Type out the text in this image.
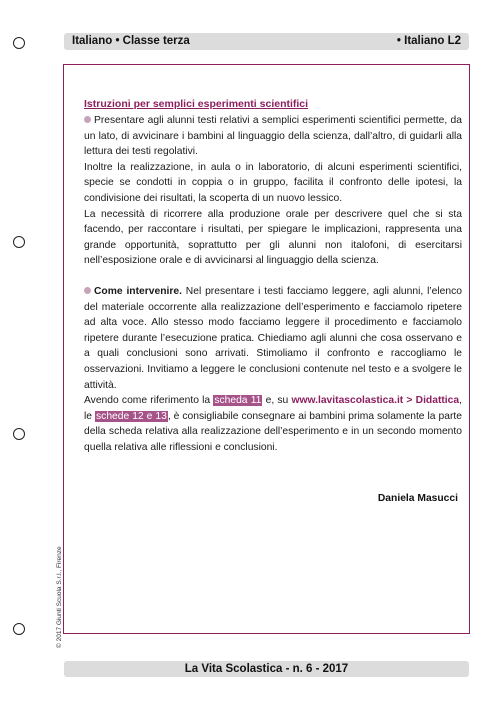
Italiano • Classe terza	• Italiano L2
Istruzioni per semplici esperimenti scientifici

Presentare agli alunni testi relativi a semplici esperimenti scientifici permette, da un lato, di avvicinare i bambini al linguaggio della scienza, dall’altro, di guidarli alla lettura dei testi regolativi.

Inoltre la realizzazione, in aula o in laboratorio, di alcuni esperimenti scientifici, specie se condotti in coppia o in gruppo, facilita il confronto delle ipotesi, la condivisione dei risultati, la scoperta di un nuovo lessico.

La necessità di ricorrere alla produzione orale per descrivere quel che si sta facendo, per raccontare i risultati, per spiegare le implicazioni, rappresenta una grande opportunità, soprattutto per gli alunni non italofoni, di esercitarsi nell’esposizione orale e di avvicinarsi al linguaggio della scienza.

Come intervenire. Nel presentare i testi facciamo leggere, agli alunni, l’elenco del materiale occorrente alla realizzazione dell’esperimento e facciamolo ripetere ad alta voce. Allo stesso modo facciamo leggere il procedimento e facciamolo ripetere durante l’esecuzione pratica. Chiediamo agli alunni che cosa osservano e a quali conclusioni sono arrivati. Stimoliamo il confronto e raccogliamo le osservazioni. Invitiamo a leggere le conclusioni contenute nel testo e a svolgere le attività.

Avendo come riferimento la scheda 11 e, su www.lavitascolastica.it > Didattica, le schede 12 e 13, è consigliabile consegnare ai bambini prima solamente la parte della scheda relativa alla realizzazione dell’esperimento e in un secondo momento quella relativa alle riflessioni e conclusioni.

Daniela Masucci
© 2017 Giunti Scuola S.r.l., Firenze
La Vita Scolastica - n. 6 - 2017
